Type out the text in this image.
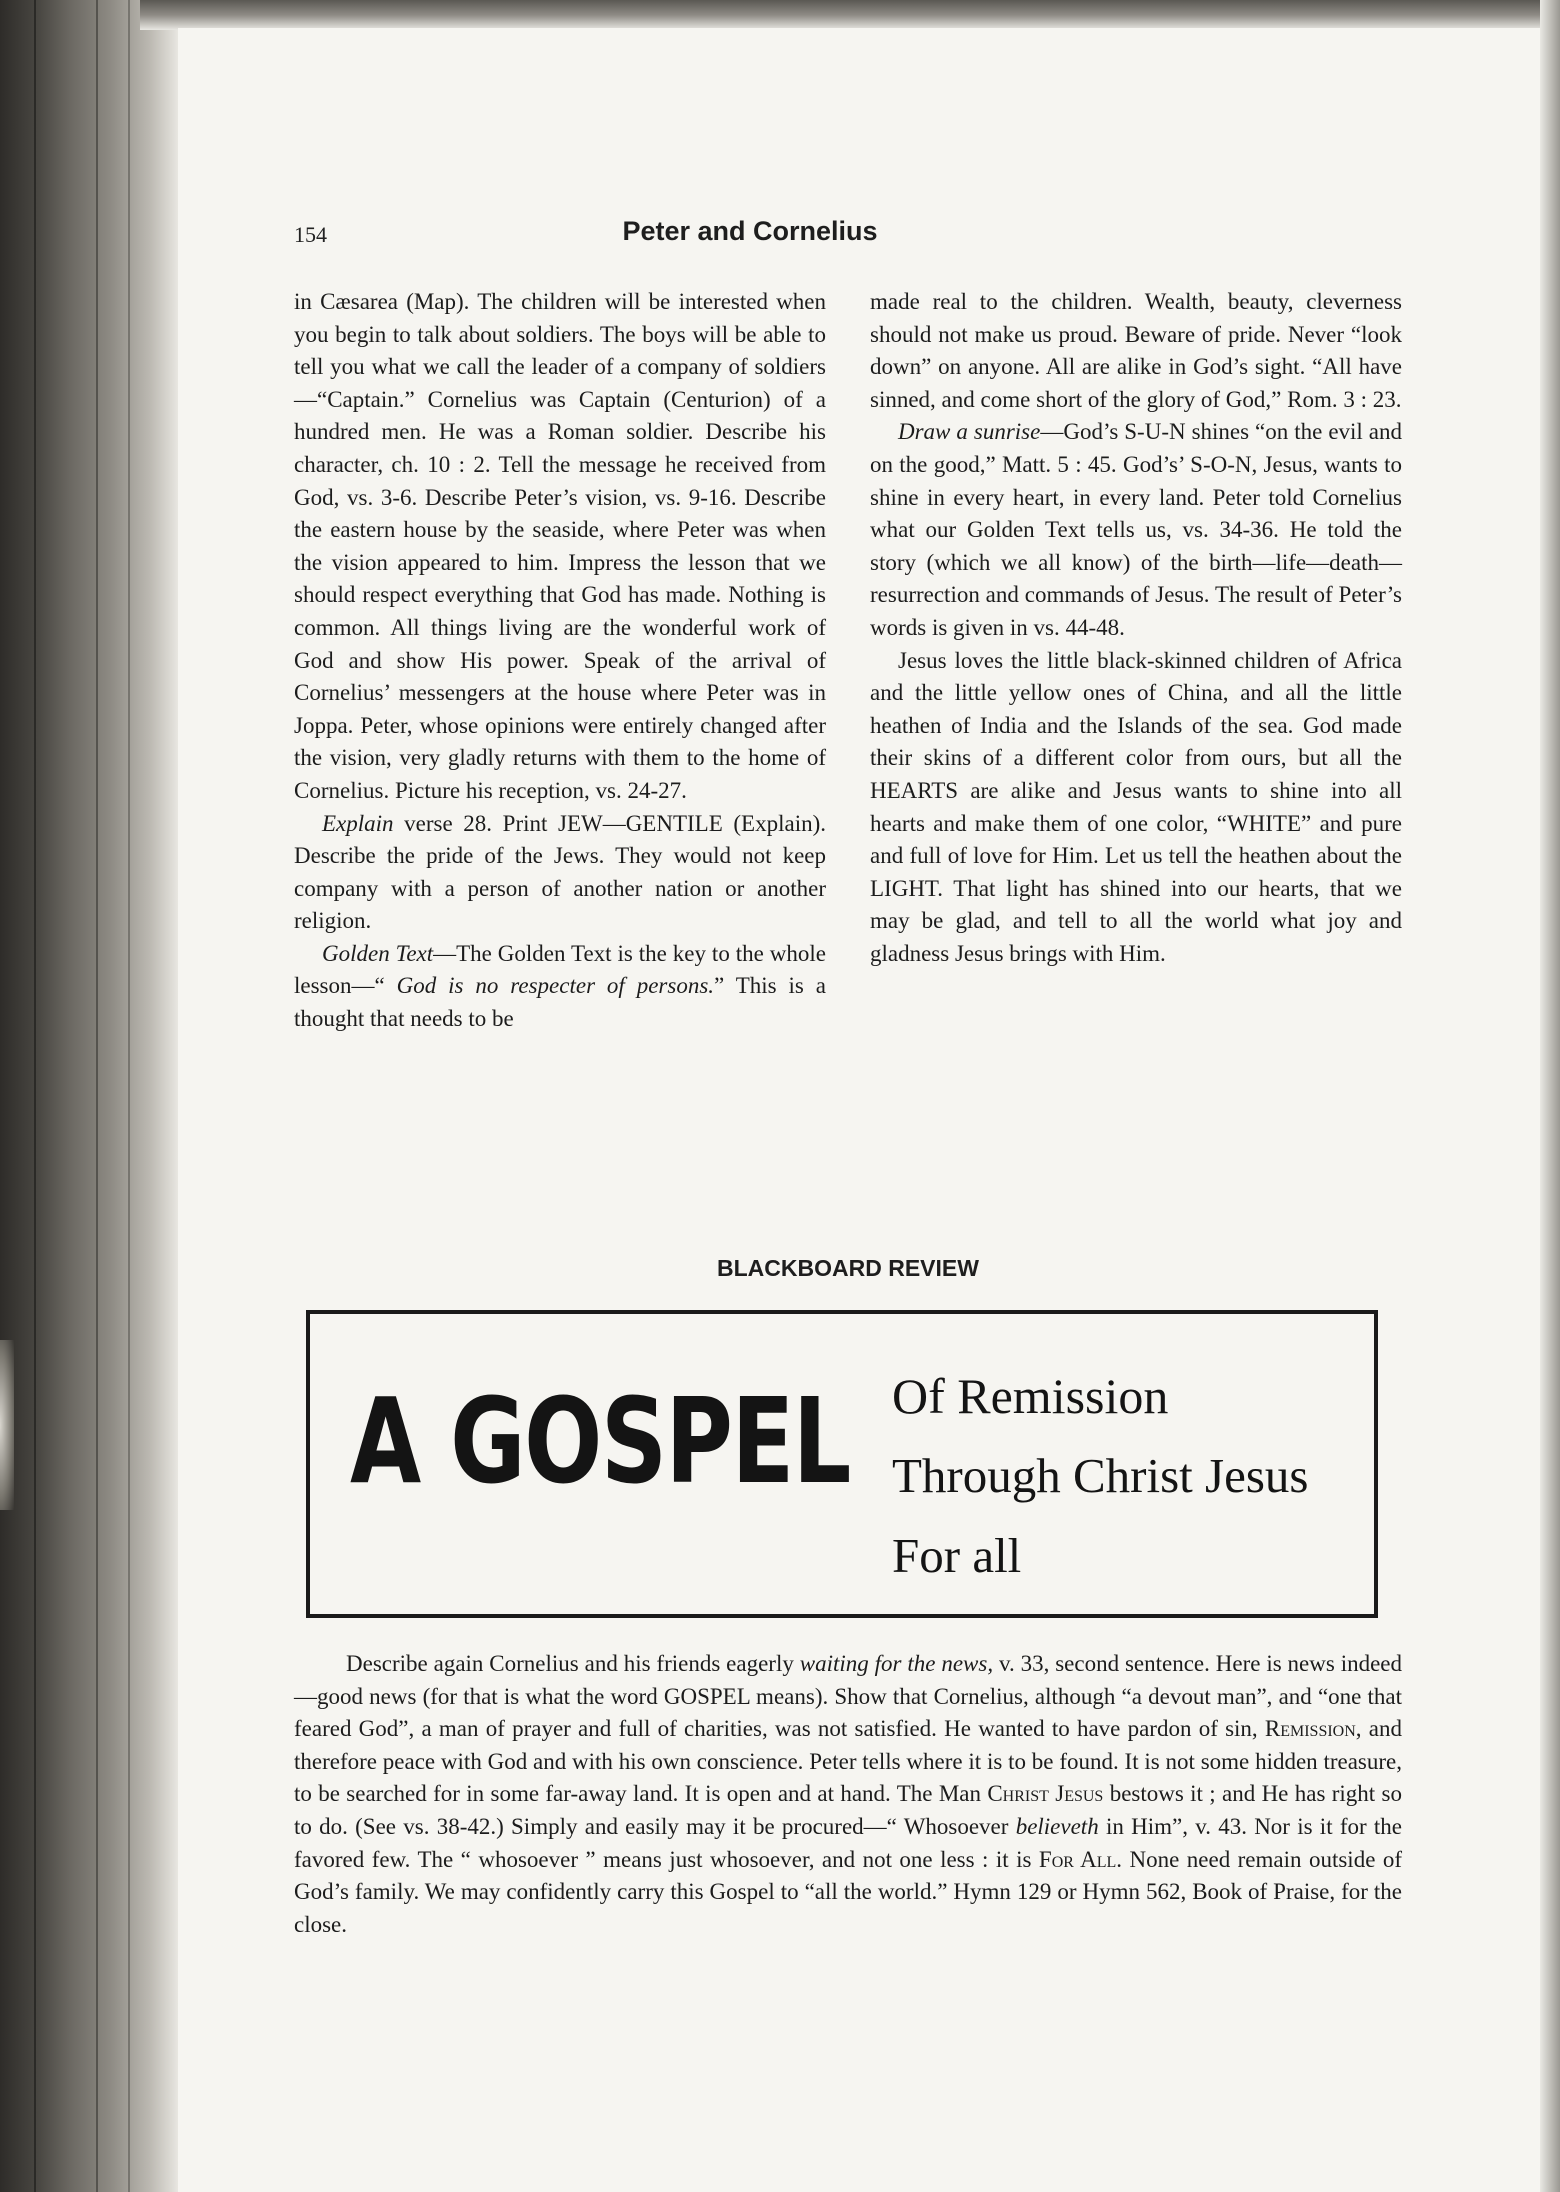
154	Peter and Cornelius

in Cæsarea (Map). The children will be interested when you begin to talk about soldiers. The boys will be able to tell you what we call the leader of a company of soldiers—“Captain.” Cornelius was Captain (Centurion) of a hundred men. He was a Roman soldier. Describe his character, ch. 10 : 2. Tell the message he received from God, vs. 3-6. Describe Peter’s vision, vs. 9-16. Describe the eastern house by the seaside, where Peter was when the vision appeared to him. Impress the lesson that we should respect everything that God has made. Nothing is common. All things living are the wonderful work of God and show His power. Speak of the arrival of Cornelius’ messengers at the house where Peter was in Joppa. Peter, whose opinions were entirely changed after the vision, very gladly returns with them to the home of Cornelius. Picture his reception, vs. 24-27.

Explain verse 28. Print JEW—GENTILE (Explain). Describe the pride of the Jews. They would not keep company with a person of another nation or another religion.

Golden Text—The Golden Text is the key to the whole lesson—“ God is no respecter of persons.” This is a thought that needs to be

made real to the children. Wealth, beauty, cleverness should not make us proud. Beware of pride. Never “look down” on anyone. All are alike in God’s sight. “All have sinned, and come short of the glory of God,” Rom. 3 : 23.

Draw a sunrise—God’s S-U-N shines “on the evil and on the good,” Matt. 5 : 45. God’s’ S-O-N, Jesus, wants to shine in every heart, in every land. Peter told Cornelius what our Golden Text tells us, vs. 34-36. He told the story (which we all know) of the birth—life—death—resurrection and commands of Jesus. The result of Peter’s words is given in vs. 44-48.

Jesus loves the little black-skinned children of Africa and the little yellow ones of China, and all the little heathen of India and the Islands of the sea. God made their skins of a different color from ours, but all the HEARTS are alike and Jesus wants to shine into all hearts and make them of one color, “WHITE” and pure and full of love for Him. Let us tell the heathen about the LIGHT. That light has shined into our hearts, that we may be glad, and tell to all the world what joy and gladness Jesus brings with Him.

BLACKBOARD REVIEW
A GOSPEL Of Remission
Through Christ Jesus
For all

Describe again Cornelius and his friends eagerly waiting for the news, v. 33, second sentence. Here is news indeed—good news (for that is what the word GOSPEL means). Show that Cornelius, although “a devout man”, and “one that feared God”, a man of prayer and full of charities, was not satisfied. He wanted to have pardon of sin, Remission, and therefore peace with God and with his own conscience. Peter tells where it is to be found. It is not some hidden treasure, to be searched for in some far-away land. It is open and at hand. The Man Christ Jesus bestows it ; and He has right so to do. (See vs. 38-42.) Simply and easily may it be procured—“ Whosoever believeth in Him”, v. 43. Nor is it for the favored few. The “ whosoever ” means just whosoever, and not one less : it is For All. None need remain outside of God’s family. We may confidently carry this Gospel to “all the world.” Hymn 129 or Hymn 562, Book of Praise, for the close.
